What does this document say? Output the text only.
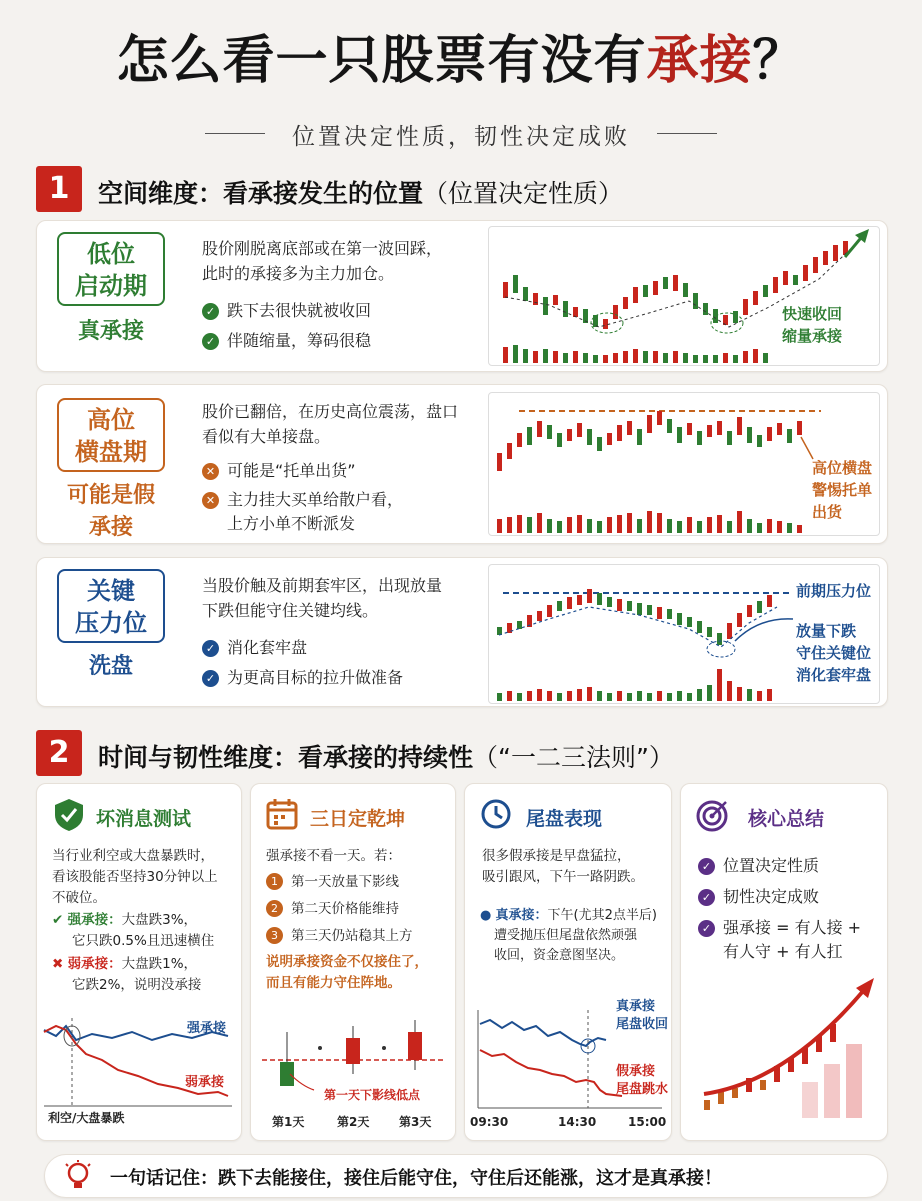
怎么看一只股票有没有承接？
位置决定性质，韧性决定成败
1	空间维度：看承接发生的位置（位置决定性质）
低位
启动期
真承接
股价刚脱离底部或在第一波回踩，
此时的承接多为主力加仓。
✓ 跌下去很快就被收回
✓ 伴随缩量，筹码很稳
快速收回
缩量承接
高位
横盘期
可能是假
承接
股价已翻倍，在历史高位震荡，盘口
看似有大单接盘。
✕ 可能是“托单出货”
✕ 主力挂大买单给散户看，
上方小单不断派发
高位横盘
警惕托单
出货
关键
压力位
洗盘
当股价触及前期套牢区，出现放量
下跌但能守住关键均线。
✓ 消化套牢盘
✓ 为更高目标的拉升做准备
前期压力位
放量下跌
守住关键位
消化套牢盘
2	时间与韧性维度：看承接的持续性（“一二三法则”）
坏消息测试
当行业利空或大盘暴跌时，
看该股能否坚持30分钟以上
不破位。
✔ 强承接：大盘跌3%，
它只跌0.5%且迅速横住
✖ 弱承接：大盘跌1%，
它跌2%，说明没承接
强承接
弱承接
利空/大盘暴跌
三日定乾坤
强承接不看一天。若：
1 第一天放量下影线
2 第二天价格能维持
3 第三天仍站稳其上方
说明承接资金不仅接住了，
而且有能力守住阵地。
第一天下影线低点
第1天	第2天 第3天
尾盘表现
很多假承接是早盘猛拉，
吸引跟风，下午一路阴跌。
● 真承接：下午(尤其2点半后)
遭受抛压但尾盘依然顽强
收回，资金意图坚决。
真承接
尾盘收回
假承接
尾盘跳水
09:30	14:30	15:00
核心总结
✓ 位置决定性质
✓ 韧性决定成败
✓ 强承接 = 有人接 +
有人守 + 有人扛
一句话记住：跌下去能接住，接住后能守住，守住后还能涨，这才是真承接！
